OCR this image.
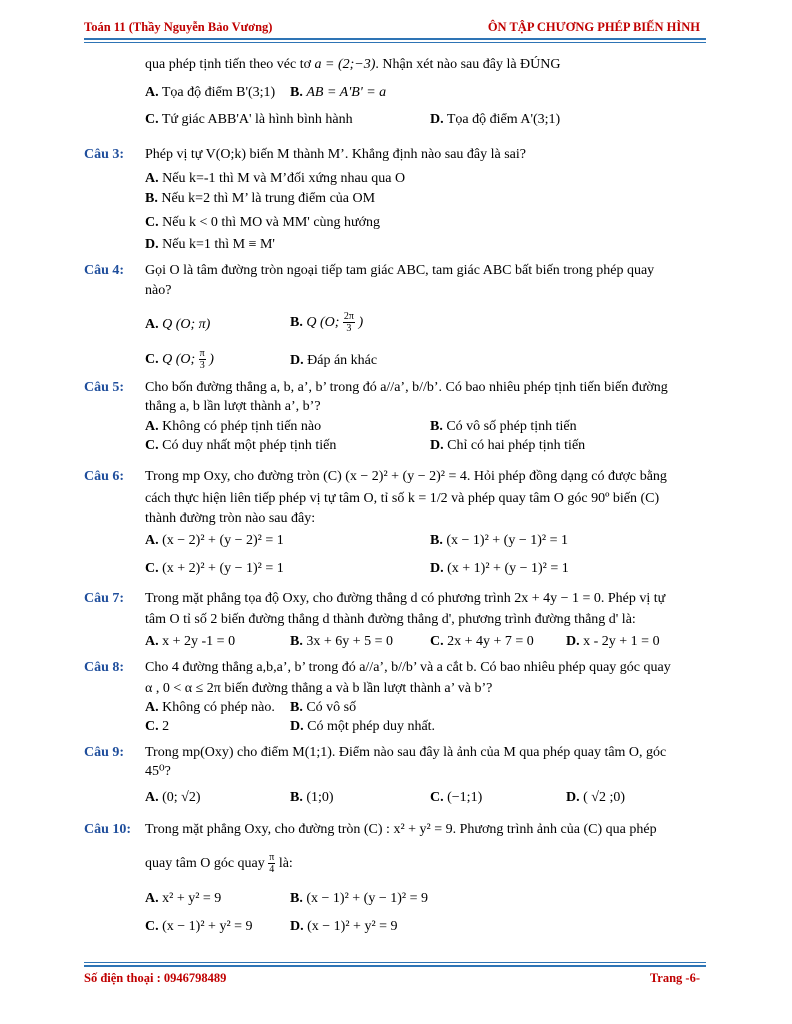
Toán 11 (Thầy Nguyễn Bảo Vương)	ÔN TẬP CHƯƠNG PHÉP BIẾN HÌNH
qua phép tịnh tiến theo véc tơ a = (2;−3). Nhận xét nào sau đây là ĐÚNG
A. Tọa độ điểm B'(3;1) B. AB = A'B' = a
C. Tứ giác ABB'A' là hình bình hành	D. Tọa độ điểm A'(3;1)
Câu 3: Phép vị tự V(O;k) biến M thành M’. Khẳng định nào sau đây là sai?
A. Nếu k=-1 thì M và M’đối xứng nhau qua O
B. Nếu k=2 thì M’ là trung điểm của OM
C. Nếu k < 0 thì MO và MM' cùng hướng
D. Nếu k=1 thì M ≡ M'
Câu 4: Gọi O là tâm đường tròn ngoại tiếp tam giác ABC, tam giác ABC bất biến trong phép quay
nào?
A. Q (O; π)	B. Q (O; $\frac{2\pi}{3}$ )
C. Q (O; $\frac{\pi}{3}$ )	D. Đáp án khác
Câu 5: Cho bốn đường thẳng a, b, a’, b’ trong đó a//a’, b//b’. Có bao nhiêu phép tịnh tiến biến đường
thẳng a, b lần lượt thành a’, b’?
A. Không có phép tịnh tiến nào	B. Có vô số phép tịnh tiến
C. Có duy nhất một phép tịnh tiến	D. Chỉ có hai phép tịnh tiến
Câu 6: Trong mp Oxy, cho đường tròn (C) (x − 2)² + (y − 2)² = 4. Hỏi phép đồng dạng có được bằng
cách thực hiện liên tiếp phép vị tự tâm O, tỉ số k = 1/2 và phép quay tâm O góc 90º biến (C)
thành đường tròn nào sau đây:
A. (x − 2)² + (y − 2)² = 1	B. (x − 1)² + (y − 1)² = 1
C. (x + 2)² + (y − 1)² = 1	D. (x + 1)² + (y − 1)² = 1
Câu 7: Trong mặt phẳng tọa độ Oxy, cho đường thẳng d có phương trình 2x + 4y − 1 = 0. Phép vị tự
tâm O tỉ số 2 biến đường thẳng d thành đường thẳng d', phương trình đường thẳng d' là:
A. x + 2y -1 = 0	B. 3x + 6y + 5 = 0	C. 2x + 4y + 7 = 0 D. x - 2y + 1 = 0
Câu 8: Cho 4 đường thẳng a,b,a’, b’ trong đó a//a’, b//b’ và a cắt b. Có bao nhiêu phép quay góc quay
α , 0 < α ≤ 2π biến đường thẳng a và b lần lượt thành a’ và b’?
A. Không có phép nào. B. Có vô số
C. 2	D. Có một phép duy nhất.
Câu 9: Trong mp(Oxy) cho điểm M(1;1). Điểm nào sau đây là ảnh của M qua phép quay tâm O, góc
45⁰?
A. (0; √2)	B. (1;0)	C. (−1;1)	D. ( √2 ;0)
Câu 10: Trong mặt phẳng Oxy, cho đường tròn (C) : x² + y² = 9. Phương trình ảnh của (C) qua phép
quay tâm O góc quay $\frac{\pi}{4}$ là:
A. x² + y² = 9	B. (x − 1)² + (y − 1)² = 9
C. (x − 1)² + y² = 9	D. (x − 1)² + y² = 9
Số điện thoại : 0946798489	Trang -6-
